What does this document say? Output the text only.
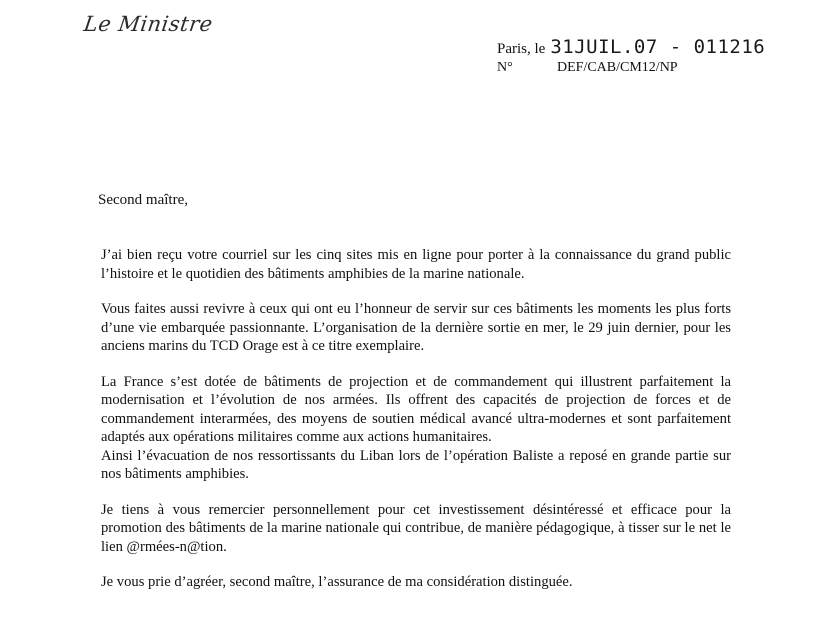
Le Ministre
Paris, le 31JUIL.07 - 011216
N°	DEF/CAB/CM12/NP
Second maître,

J’ai bien reçu votre courriel sur les cinq sites mis en ligne pour porter à la connaissance du grand public l’histoire et le quotidien des bâtiments amphibies de la marine nationale.

Vous faites aussi revivre à ceux qui ont eu l’honneur de servir sur ces bâtiments les moments les plus forts d’une vie embarquée passionnante. L’organisation de la dernière sortie en mer, le 29 juin dernier, pour les anciens marins du TCD Orage est à ce titre exemplaire.

La France s’est dotée de bâtiments de projection et de commandement qui illustrent parfaitement la modernisation et l’évolution de nos armées. Ils offrent des capacités de projection de forces et de commandement interarmées, des moyens de soutien médical avancé ultra-modernes et sont parfaitement adaptés aux opérations militaires comme aux actions humanitaires.

Ainsi l’évacuation de nos ressortissants du Liban lors de l’opération Baliste a reposé en grande partie sur nos bâtiments amphibies.

Je tiens à vous remercier personnellement pour cet investissement désintéressé et efficace pour la promotion des bâtiments de la marine nationale qui contribue, de manière pédagogique, à tisser sur le net le lien @rmées-n@tion.

Je vous prie d’agréer, second maître, l’assurance de ma considération distinguée.
